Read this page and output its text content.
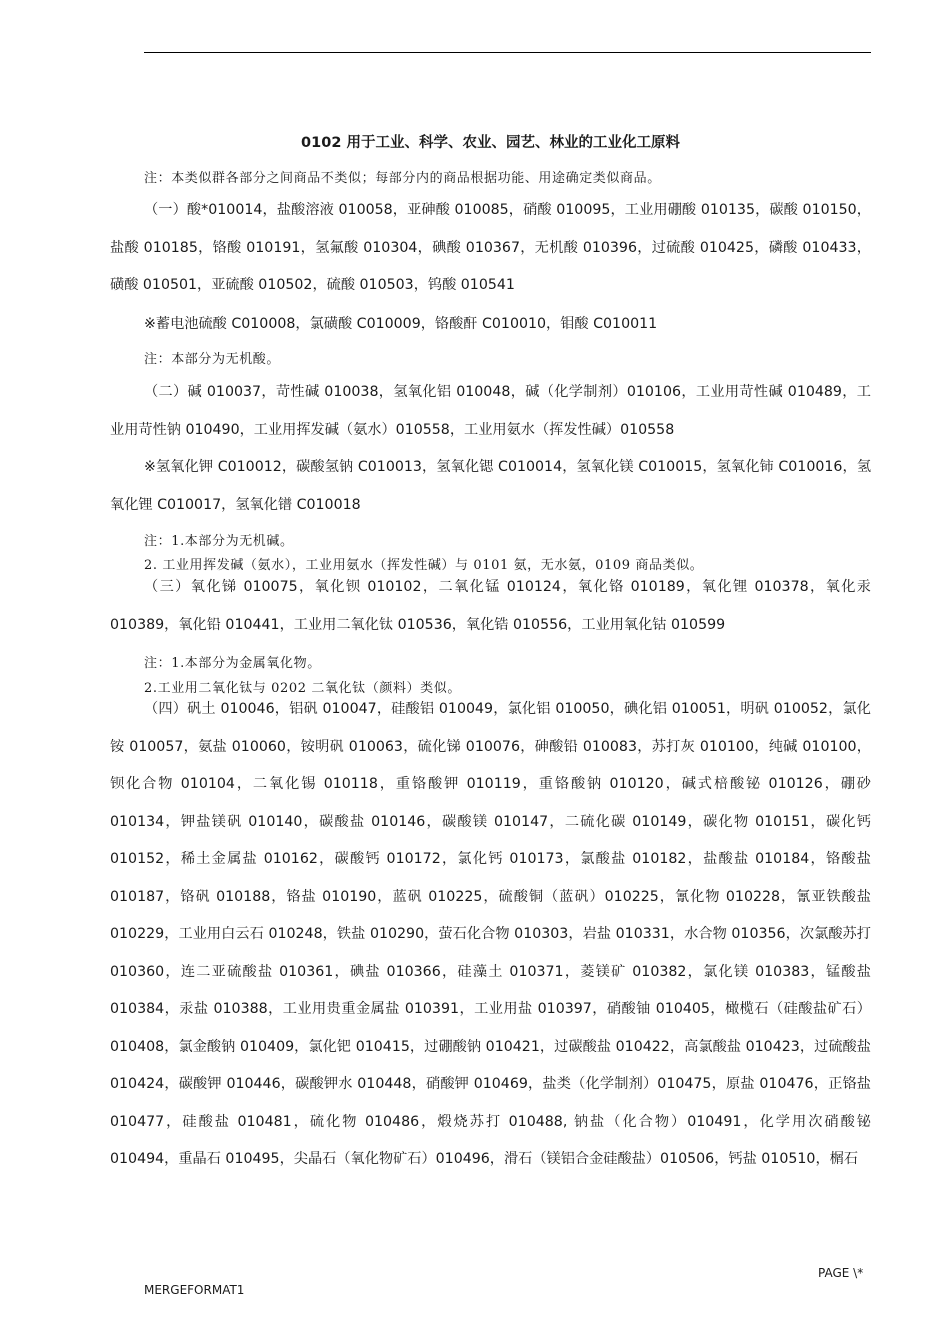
0102 用于工业、科学、农业、园艺、林业的工业化工原料
注：本类似群各部分之间商品不类似；每部分内的商品根据功能、用途确定类似商品。

（一）酸*010014，盐酸溶液 010058，亚砷酸 010085，硝酸 010095，工业用硼酸 010135，碳酸 010150，盐酸 010185，铬酸 010191，氢氟酸 010304，碘酸 010367，无机酸 010396，过硫酸 010425，磷酸 010433，磺酸 010501，亚硫酸 010502，硫酸 010503，钨酸 010541

※蓄电池硫酸 C010008，氯磺酸 C010009，铬酸酐 C010010，钼酸 C010011
注：本部分为无机酸。

（二）碱 010037，苛性碱 010038，氢氧化铝 010048，碱（化学制剂）010106，工业用苛性碱 010489，工业用苛性钠 010490，工业用挥发碱（氨水）010558，工业用氨水（挥发性碱）010558

※氢氧化钾 C010012，碳酸氢钠 C010013，氢氧化锶 C010014，氢氧化镁 C010015，氢氧化铈 C010016，氢氧化锂 C010017，氢氧化镨 C010018

注：1.本部分为无机碱。
2. 工业用挥发碱（氨水），工业用氨水（挥发性碱）与 0101 氨，无水氨，0109 商品类似。

（三）氧化锑 010075，氧化钡 010102，二氧化锰 010124，氧化铬 010189，氧化锂 010378，氧化汞 010389，氧化铅 010441，工业用二氧化钛 010536，氧化锆 010556，工业用氧化钴 010599

注：1.本部分为金属氧化物。
2.工业用二氧化钛与 0202 二氧化钛（颜料）类似。

（四）矾土 010046，铝矾 010047，硅酸铝 010049，氯化铝 010050，碘化铝 010051，明矾 010052，氯化铵 010057，氨盐 010060，铵明矾 010063，硫化锑 010076，砷酸铅 010083，苏打灰 010100，纯碱 010100，钡化合物 010104，二氧化锡 010118，重铬酸钾 010119，重铬酸钠 010120，碱式棓酸铋 010126，硼砂 010134，钾盐镁矾 010140，碳酸盐 010146，碳酸镁 010147，二硫化碳 010149，碳化物 010151，碳化钙 010152，稀土金属盐 010162，碳酸钙 010172，氯化钙 010173，氯酸盐 010182，盐酸盐 010184，铬酸盐 010187，铬矾 010188，铬盐 010190，蓝矾 010225，硫酸铜（蓝矾）010225，氰化物 010228，氰亚铁酸盐 010229，工业用白云石 010248，铁盐 010290，萤石化合物 010303，岩盐 010331，水合物 010356，次氯酸苏打 010360，连二亚硫酸盐 010361，碘盐 010366，硅藻土 010371，菱镁矿 010382，氯化镁 010383，锰酸盐 010384，汞盐 010388，工业用贵重金属盐 010391，工业用盐 010397，硝酸铀 010405，橄榄石（硅酸盐矿石）010408，氯金酸钠 010409，氯化钯 010415，过硼酸钠 010421，过碳酸盐 010422，高氯酸盐 010423，过硫酸盐 010424，碳酸钾 010446，碳酸钾水 010448，硝酸钾 010469，盐类（化学制剂）010475，原盐 010476，正铬盐 010477，硅酸盐 010481，硫化物 010486，煅烧苏打 010488, 钠盐（化合物）010491，化学用次硝酸铋 010494，重晶石 010495，尖晶石（氧化物矿石）010496，滑石（镁铝合金硅酸盐）010506，钙盐 010510，榍石

PAGE \*
MERGEFORMAT1
